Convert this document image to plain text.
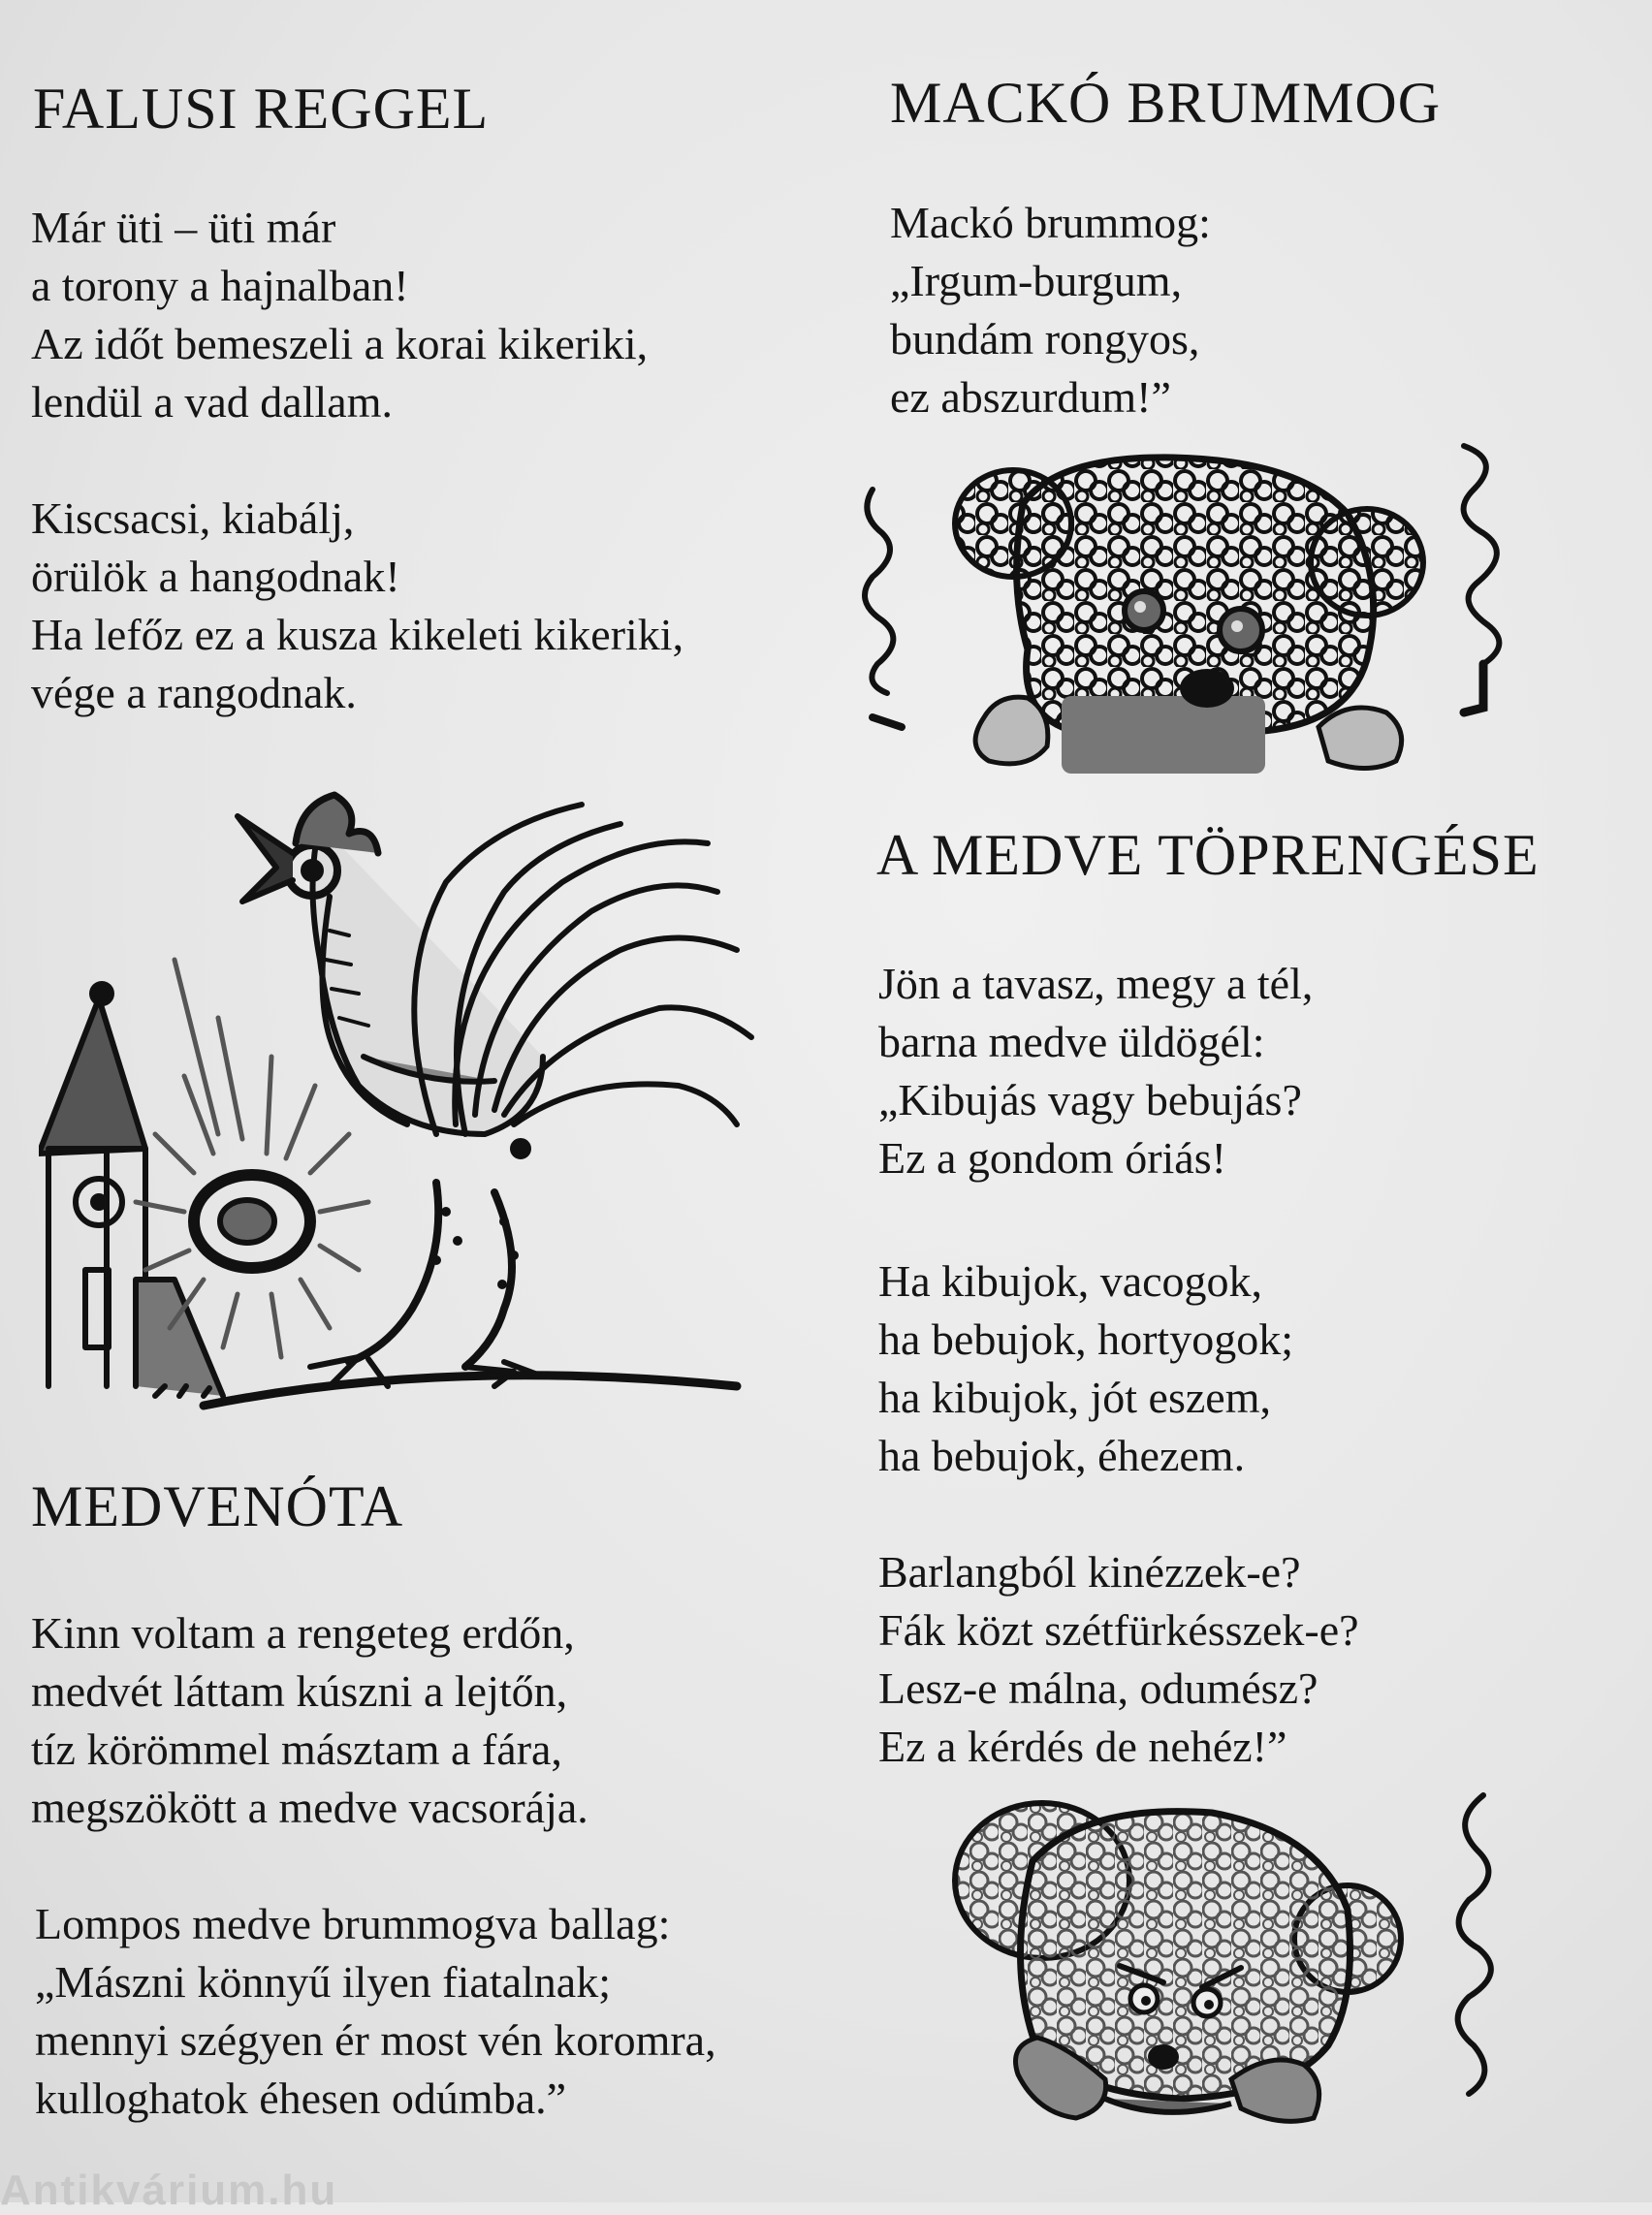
FALUSI REGGEL
Már üti – üti már
a torony a hajnalban!
Az időt bemeszeli a korai kikeriki,
lendül a vad dallam.
Kiscsacsi, kiabálj,
örülök a hangodnak!
Ha lefőz ez a kusza kikeleti kikeriki,
vége a rangodnak.
MEDVENÓTA
Kinn voltam a rengeteg erdőn,
medvét láttam kúszni a lejtőn,
tíz körömmel másztam a fára,
megszökött a medve vacsorája.
Lompos medve brummogva ballag:
„Mászni könnyű ilyen fiatalnak;
mennyi szégyen ér most vén koromra,
kulloghatok éhesen odúmba.”
MACKÓ BRUMMOG
Mackó brummog:
„Irgum-burgum,
bundám rongyos,
ez abszurdum!”
A MEDVE TÖPRENGÉSE
Jön a tavasz, megy a tél,
barna medve üldögél:
„Kibujás vagy bebujás?
Ez a gondom óriás!
Ha kibujok, vacogok,
ha bebujok, hortyogok;
ha kibujok, jót eszem,
ha bebujok, éhezem.
Barlangból kinézzek-e?
Fák közt szétfürkésszek-e?
Lesz-e málna, odumész?
Ez a kérdés de nehéz!”
Antikvárium.hu
